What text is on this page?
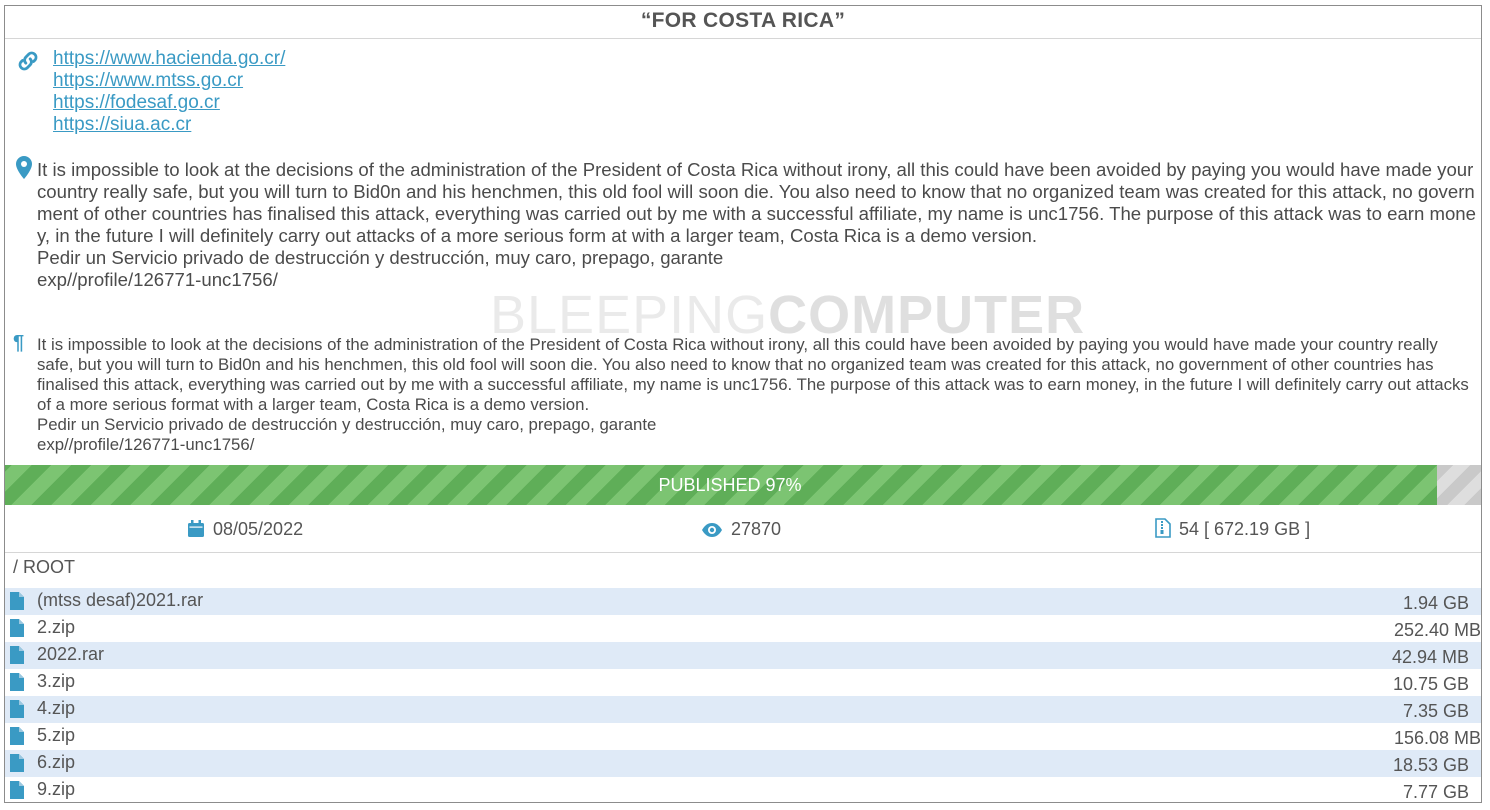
“FOR COSTA RICA”
https://www.hacienda.go.cr/
https://www.mtss.go.cr
https://fodesaf.go.cr
https://siua.ac.cr
It is impossible to look at the decisions of the administration of the President of Costa Rica without irony, all this could have been avoided by paying you would have made your country really safe, but you will turn to Bid0n and his henchmen, this old fool will soon die. You also need to know that no organized team was created for this attack, no government of other countries has finalised this attack, everything was carried out by me with a successful affiliate, my name is unc1756. The purpose of this attack was to earn money, in the future I will definitely carry out attacks of a more serious form at with a larger team, Costa Rica is a demo version.
Pedir un Servicio privado de destrucción y destrucción, muy caro, prepago, garante
exp//profile/126771-unc1756/
BLEEPINGCOMPUTER
¶ It is impossible to look at the decisions of the administration of the President of Costa Rica without irony, all this could have been avoided by paying you would have made your country really safe, but you will turn to Bid0n and his henchmen, this old fool will soon die. You also need to know that no organized team was created for this attack, no government of other countries has finalised this attack, everything was carried out by me with a successful affiliate, my name is unc1756. The purpose of this attack was to earn money, in the future I will definitely carry out attacks of a more serious format with a larger team, Costa Rica is a demo version.
Pedir un Servicio privado de destrucción y destrucción, muy caro, prepago, garante
exp//profile/126771-unc1756/
PUBLISHED 97%
08/05/2022	27870	54 [ 672.19 GB ]
/ ROOT
(mtss desaf)2021.rar	1.94 GB
2.zip	252.40 MB
2022.rar	42.94 MB
3.zip	10.75 GB
4.zip	7.35 GB
5.zip	156.08 MB
6.zip	18.53 GB
9.zip	7.77 GB
